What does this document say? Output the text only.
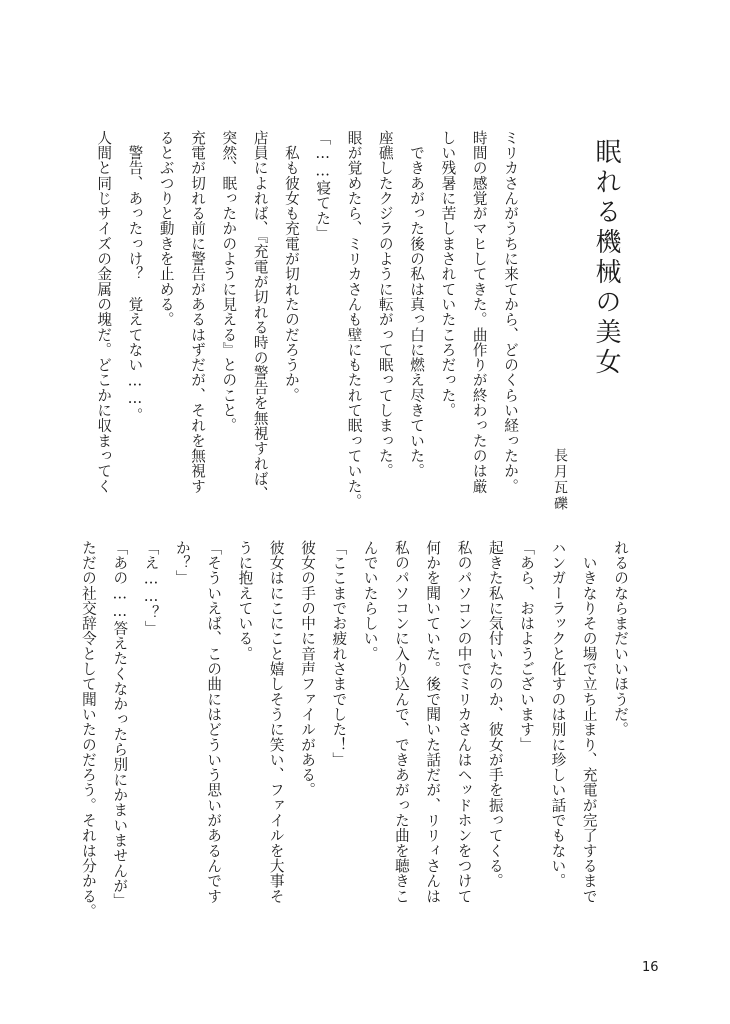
眠れる機械の美女
長月瓦礫

ミリカさんがうちに来てから、どのくらい経ったか。

時間の感覚がマヒしてきた。曲作りが終わったのは厳

しい残暑に苦しまされていたころだった。

　できあがった後の私は真っ白に燃え尽きていた。

座礁したクジラのように転がって眠ってしまった。

眼が覚めたら、ミリカさんも壁にもたれて眠っていた。

「……寝てた」

　私も彼女も充電が切れたのだろうか。

店員によれば、『充電が切れる時の警告を無視すれば、

突然、眠ったかのように見える』とのこと。

充電が切れる前に警告があるはずだが、それを無視す

るとぶつりと動きを止める。

　警告、あったっけ？　覚えてない……。

人間と同じサイズの金属の塊だ。どこかに収まってく

れるのならまだいいほうだ。

　いきなりその場で立ち止まり、充電が完了するまで

ハンガーラックと化すのは別に珍しい話でもない。

「あら、おはようございます」

起きた私に気付いたのか、彼女が手を振ってくる。

私のパソコンの中でミリカさんはヘッドホンをつけて

何かを聞いていた。後で聞いた話だが、リリィさんは

私のパソコンに入り込んで、できあがった曲を聴きこ

んでいたらしい。

「ここまでお疲れさまでした！」

彼女の手の中に音声ファイルがある。

彼女はにこにこと嬉しそうに笑い、ファイルを大事そ

うに抱えている。

「そういえば、この曲にはどういう思いがあるんです

か？」

「え……？」

「あの……答えたくなかったら別にかまいませんが」

ただの社交辞令として聞いたのだろう。それは分かる。

16
